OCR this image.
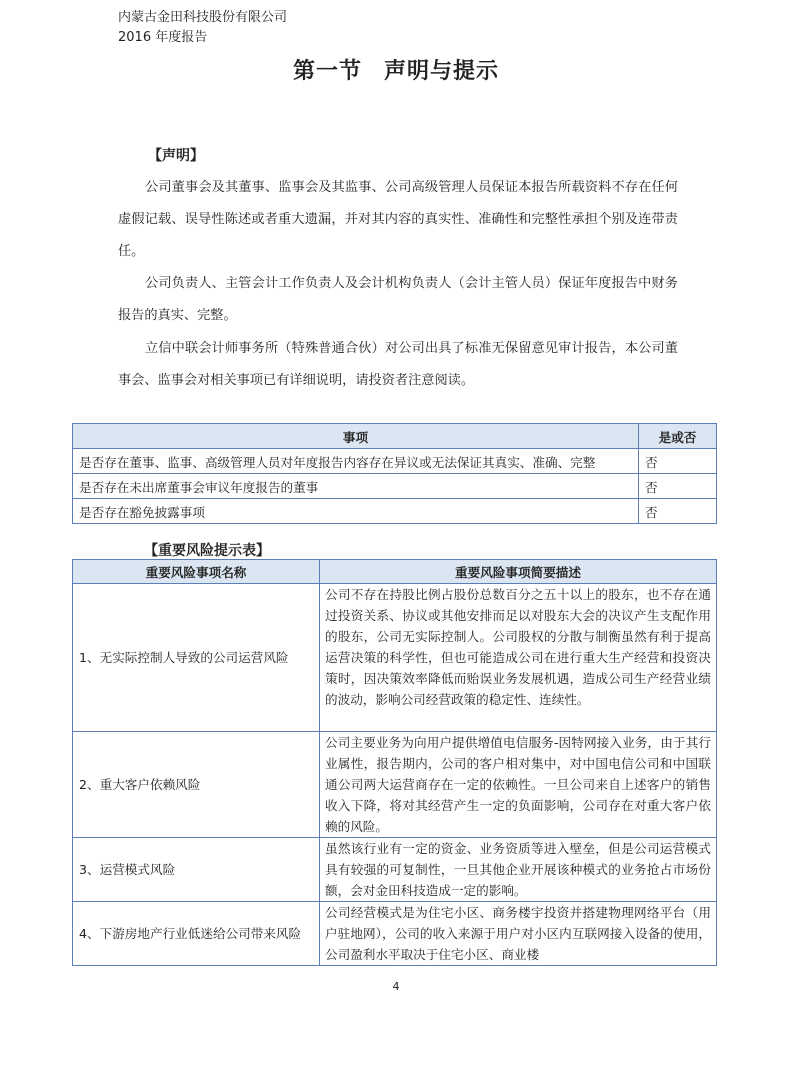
内蒙古金田科技股份有限公司
2016 年度报告
第一节 声明与提示
【声明】

公司董事会及其董事、监事会及其监事、公司高级管理人员保证本报告所载资料不存在任何虚假记载、误导性陈述或者重大遗漏，并对其内容的真实性、准确性和完整性承担个别及连带责任。

公司负责人、主管会计工作负责人及会计机构负责人（会计主管人员）保证年度报告中财务报告的真实、完整。

立信中联会计师事务所（特殊普通合伙）对公司出具了标准无保留意见审计报告，本公司董事会、监事会对相关事项已有详细说明，请投资者注意阅读。

事项	是或否
是否存在董事、监事、高级管理人员对年度报告内容存在异议或无法保证其真实、准确、完整	否
是否存在未出席董事会审议年度报告的董事	否
是否存在豁免披露事项	否
【重要风险提示表】
重要风险事项名称	重要风险事项简要描述
1、无实际控制人导致的公司运营风险	公司不存在持股比例占股份总数百分之五十以上的股东，也不存在通过投资关系、协议或其他安排而足以对股东大会的决议产生支配作用的股东，公司无实际控制人。公司股权的分散与制衡虽然有利于提高运营决策的科学性，但也可能造成公司在进行重大生产经营和投资决策时，因决策效率降低而贻误业务发展机遇，造成公司生产经营业绩的波动，影响公司经营政策的稳定性、连续性。
2、重大客户依赖风险	公司主要业务为向用户提供增值电信服务-因特网接入业务，由于其行业属性，报告期内，公司的客户相对集中，对中国电信公司和中国联通公司两大运营商存在一定的依赖性。一旦公司来自上述客户的销售收入下降，将对其经营产生一定的负面影响，公司存在对重大客户依赖的风险。
3、运营模式风险	虽然该行业有一定的资金、业务资质等进入壁垒，但是公司运营模式具有较强的可复制性，一旦其他企业开展该种模式的业务抢占市场份额，会对金田科技造成一定的影响。
4、下游房地产行业低迷给公司带来风险	公司经营模式是为住宅小区、商务楼宇投资并搭建物理网络平台（用户驻地网），公司的收入来源于用户对小区内互联网接入设备的使用，公司盈利水平取决于住宅小区、商业楼
4
